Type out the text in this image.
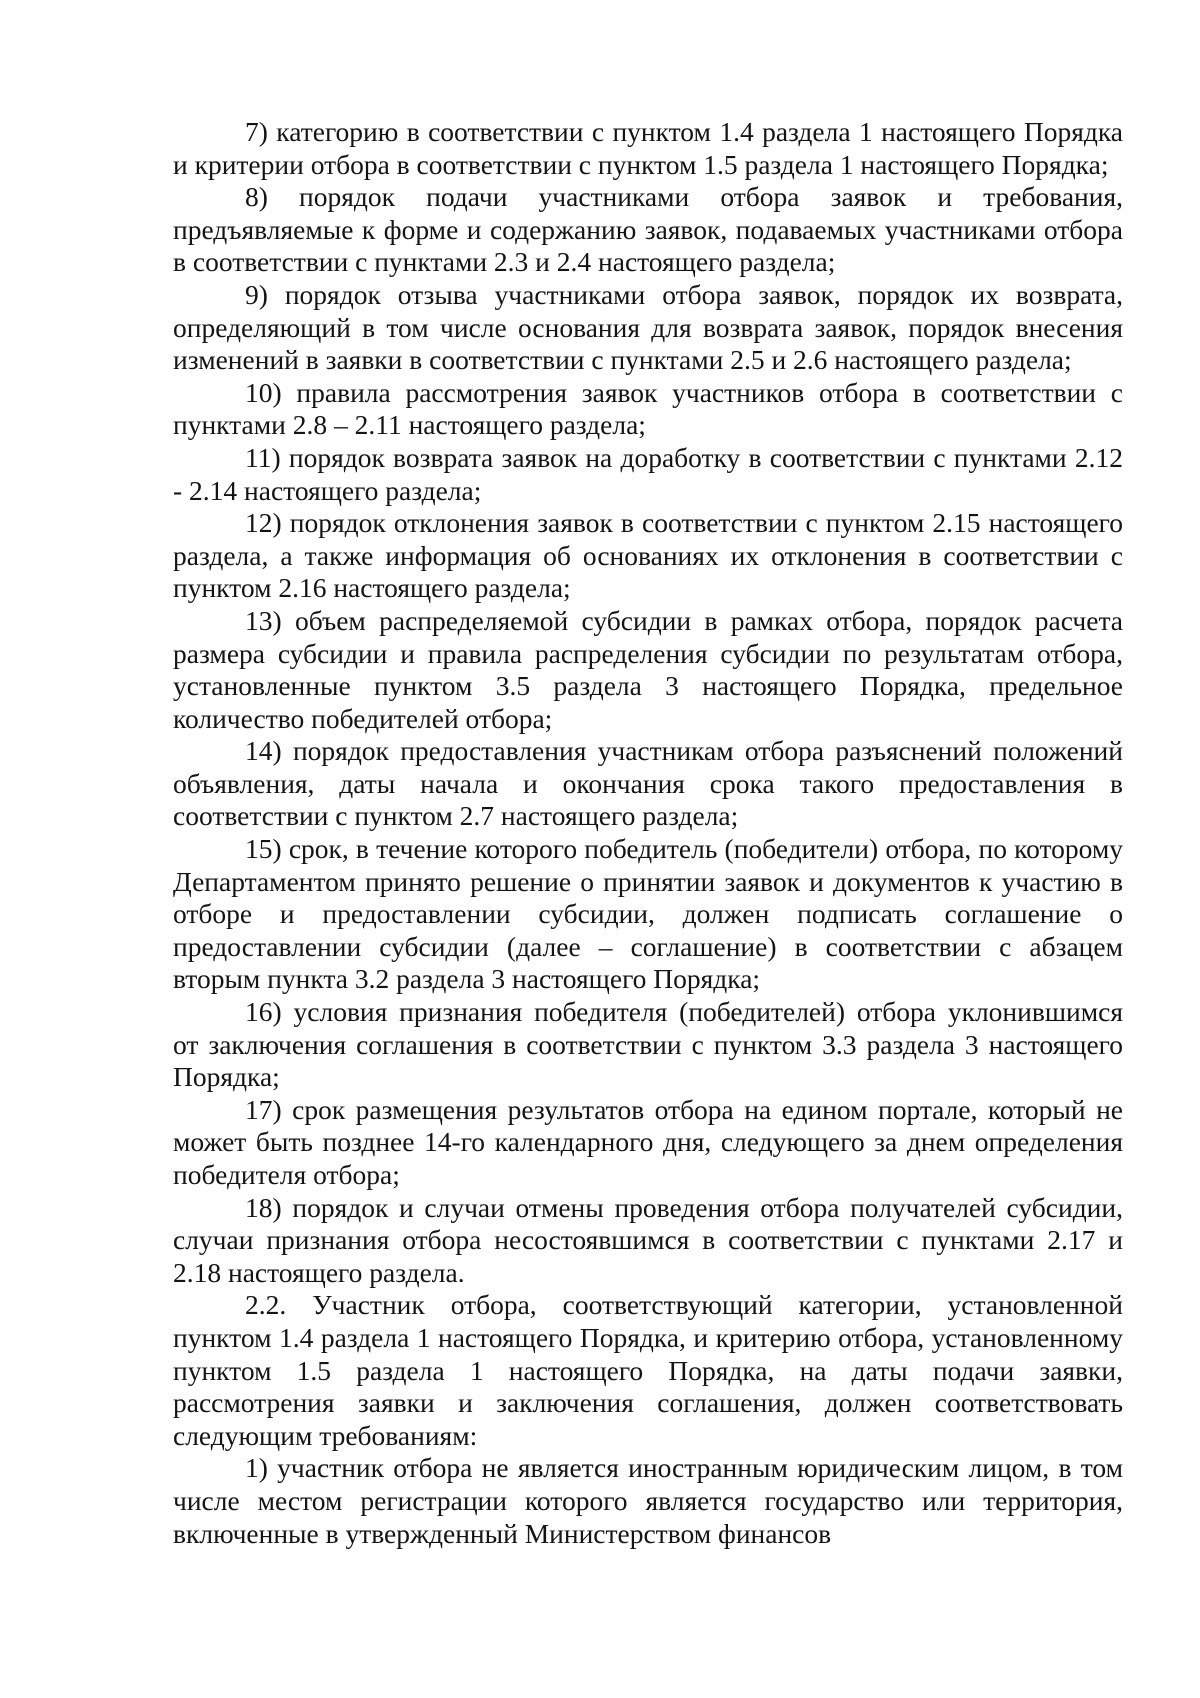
7) категорию в соответствии с пунктом 1.4 раздела 1 настоящего Порядка и критерии отбора в соответствии с пунктом 1.5 раздела 1 настоящего Порядка;

8) порядок подачи участниками отбора заявок и требования, предъявляемые к форме и содержанию заявок, подаваемых участниками отбора в соответствии с пунктами 2.3 и 2.4 настоящего раздела;

9) порядок отзыва участниками отбора заявок, порядок их возврата, определяющий в том числе основания для возврата заявок, порядок внесения изменений в заявки в соответствии с пунктами 2.5 и 2.6 настоящего раздела;

10) правила рассмотрения заявок участников отбора в соответствии с пунктами 2.8 – 2.11 настоящего раздела;

11) порядок возврата заявок на доработку в соответствии с пунктами 2.12 - 2.14 настоящего раздела;

12) порядок отклонения заявок в соответствии с пунктом 2.15 настоящего раздела, а также информация об основаниях их отклонения в соответствии с пунктом 2.16 настоящего раздела;

13) объем распределяемой субсидии в рамках отбора, порядок расчета размера субсидии и правила распределения субсидии по результатам отбора, установленные пунктом 3.5 раздела 3 настоящего Порядка, предельное количество победителей отбора;

14) порядок предоставления участникам отбора разъяснений положений объявления, даты начала и окончания срока такого предоставления в соответствии с пунктом 2.7 настоящего раздела;

15) срок, в течение которого победитель (победители) отбора, по которому Департаментом принято решение о принятии заявок и документов к участию в отборе и предоставлении субсидии, должен подписать соглашение о предоставлении субсидии (далее – соглашение) в соответствии с абзацем вторым пункта 3.2 раздела 3 настоящего Порядка;

16) условия признания победителя (победителей) отбора уклонившимся от заключения соглашения в соответствии с пунктом 3.3 раздела 3 настоящего Порядка;

17) срок размещения результатов отбора на едином портале, который не может быть позднее 14-го календарного дня, следующего за днем определения победителя отбора;

18) порядок и случаи отмены проведения отбора получателей субсидии, случаи признания отбора несостоявшимся в соответствии с пунктами 2.17 и 2.18 настоящего раздела.

2.2. Участник отбора, соответствующий категории, установленной пунктом 1.4 раздела 1 настоящего Порядка, и критерию отбора, установленному пунктом 1.5 раздела 1 настоящего Порядка, на даты подачи заявки, рассмотрения заявки и заключения соглашения, должен соответствовать следующим требованиям:

1) участник отбора не является иностранным юридическим лицом, в том числе местом регистрации которого является государство или территория, включенные в утвержденный Министерством финансов
